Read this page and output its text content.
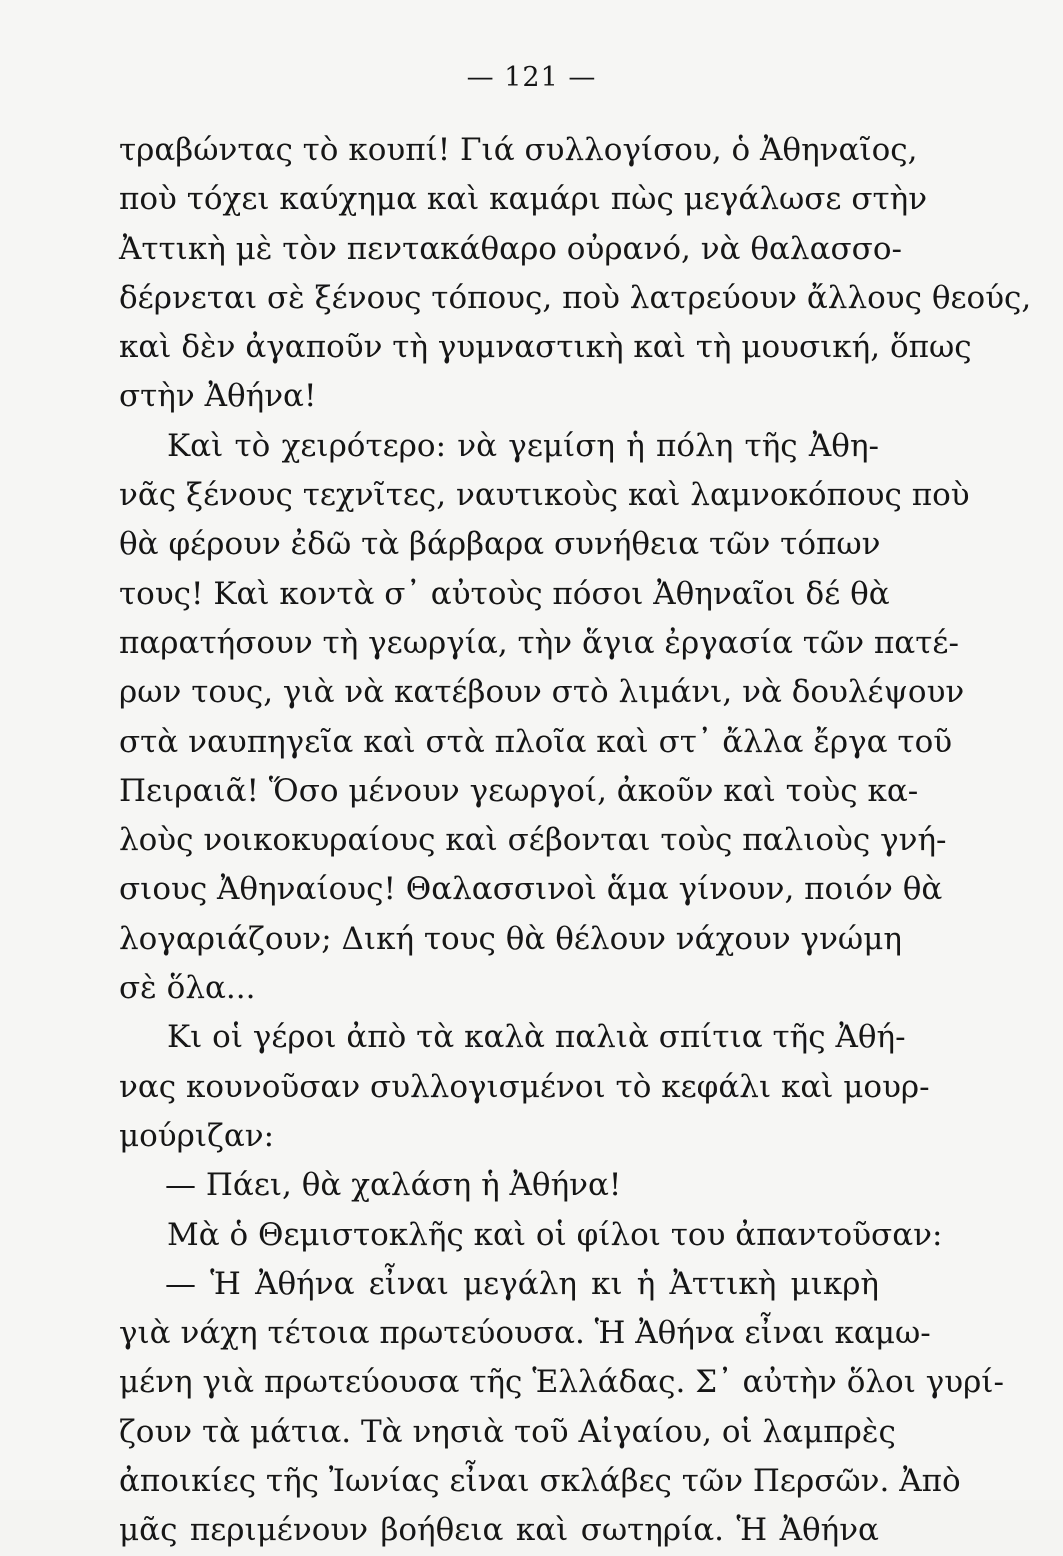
— 121 —
τραβώντας τὸ κουπί! Γιά συλλογίσου, ὁ Ἀθηναῖος,
ποὺ τόχει καύχημα καὶ καμάρι πὼς μεγάλωσε στὴν
Ἀττικὴ μὲ τὸν πεντακάθαρο οὐρανό, νὰ θαλασσο-
δέρνεται σὲ ξένους τόπους, ποὺ λατρεύουν ἄλλους θεούς,
καὶ δὲν ἀγαποῦν τὴ γυμναστικὴ καὶ τὴ μουσική, ὅπως
στὴν Ἀθήνα!
Καὶ τὸ χειρότερο: νὰ γεμίση ἡ πόλη τῆς Ἀθη-
νᾶς ξένους τεχνῖτες, ναυτικοὺς καὶ λαμνοκόπους ποὺ
θὰ φέρουν ἐδῶ τὰ βάρβαρα συνήθεια τῶν τόπων
τους! Καὶ κοντὰ σ᾽ αὐτοὺς πόσοι Ἀθηναῖοι δέ θὰ
παρατήσουν τὴ γεωργία, τὴν ἅγια ἐργασία τῶν πατέ-
ρων τους, γιὰ νὰ κατέβουν στὸ λιμάνι, νὰ δουλέψουν
στὰ ναυπηγεῖα καὶ στὰ πλοῖα καὶ στ᾽ ἄλλα ἔργα τοῦ
Πειραιᾶ! Ὅσο μένουν γεωργοί, ἀκοῦν καὶ τοὺς κα-
λοὺς νοικοκυραίους καὶ σέβονται τοὺς παλιοὺς γνή-
σιους Ἀθηναίους! Θαλασσινοὶ ἅμα γίνουν, ποιόν θὰ
λογαριάζουν; Δική τους θὰ θέλουν νάχουν γνώμη
σὲ ὅλα...
Κι οἱ γέροι ἀπὸ τὰ καλὰ παλιὰ σπίτια τῆς Ἀθή-
νας κουνοῦσαν συλλογισμένοι τὸ κεφάλι καὶ μουρ-
μούριζαν:
— Πάει, θὰ χαλάση ἡ Ἀθήνα!
Μὰ ὁ Θεμιστοκλῆς καὶ οἱ φίλοι του ἀπαντοῦσαν:
— Ἡ Ἀθήνα εἶναι μεγάλη κι ἡ Ἀττικὴ μικρὴ
γιὰ νάχη τέτοια πρωτεύουσα. Ἡ Ἀθήνα εἶναι καμω-
μένη γιὰ πρωτεύουσα τῆς Ἑλλάδας. Σ᾽ αὐτὴν ὅλοι γυρί-
ζουν τὰ μάτια. Τὰ νησιὰ τοῦ Αἰγαίου, οἱ λαμπρὲς
ἀποικίες τῆς Ἰωνίας εἶναι σκλάβες τῶν Περσῶν. Ἀπὸ
μᾶς περιμένουν βοήθεια καὶ σωτηρία. Ἡ Ἀθήνα
